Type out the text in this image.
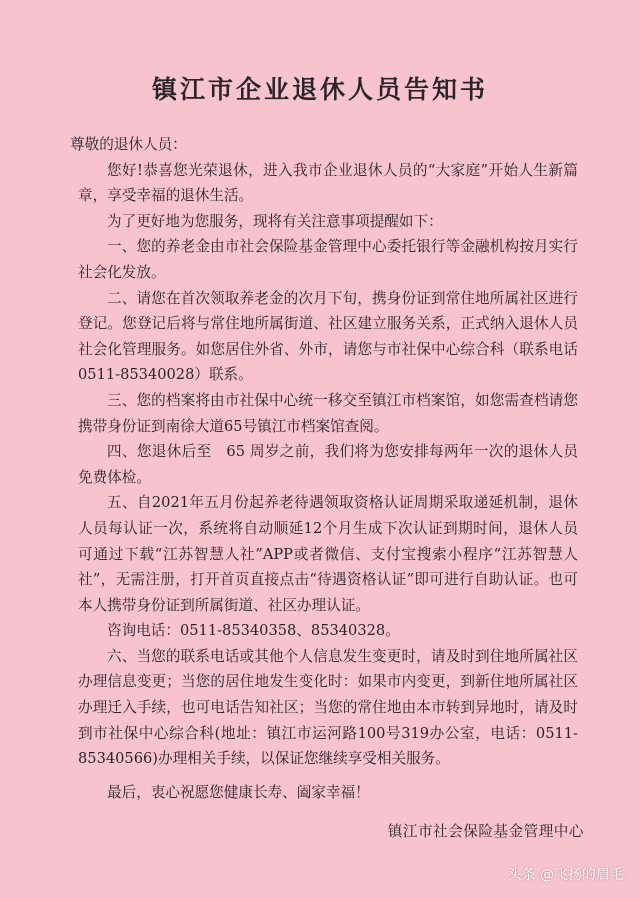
镇江市企业退休人员告知书

尊敬的退休人员：

您好!恭喜您光荣退休，进入我市企业退休人员的“大家庭”开始人生新篇章，享受幸福的退休生活。

为了更好地为您服务，现将有关注意事项提醒如下：

一、您的养老金由市社会保险基金管理中心委托银行等金融机构按月实行社会化发放。

二、请您在首次领取养老金的次月下旬，携身份证到常住地所属社区进行登记。您登记后将与常住地所属街道、社区建立服务关系，正式纳入退休人员社会化管理服务。如您居住外省、外市，请您与市社保中心综合科（联系电话0511-85340028）联系。

三、您的档案将由市社保中心统一移交至镇江市档案馆，如您需查档请您携带身份证到南徐大道65号镇江市档案馆查阅。

四、您退休后至　65 周岁之前，我们将为您安排每两年一次的退休人员免费体检。

五、自2021年五月份起养老待遇领取资格认证周期采取递延机制，退休人员每认证一次，系统将自动顺延12个月生成下次认证到期时间，退休人员可通过下载“江苏智慧人社”APP或者微信、支付宝搜索小程序“江苏智慧人社”，无需注册，打开首页直接点击“待遇资格认证”即可进行自助认证。也可本人携带身份证到所属街道、社区办理认证。

咨询电话：0511-85340358、85340328。

六、当您的联系电话或其他个人信息发生变更时，请及时到住地所属社区办理信息变更；当您的居住地发生变化时：如果市内变更，到新住地所属社区办理迁入手续，也可电话告知社区；当您的常住地由本市转到异地时，请及时到市社保中心综合科(地址：镇江市运河路100号319办公室，电话：0511-85340566)办理相关手续，以保证您继续享受相关服务。

最后，衷心祝愿您健康长寿、阖家幸福！

镇江市社会保险基金管理中心
头条 @飞扬的眉毛
